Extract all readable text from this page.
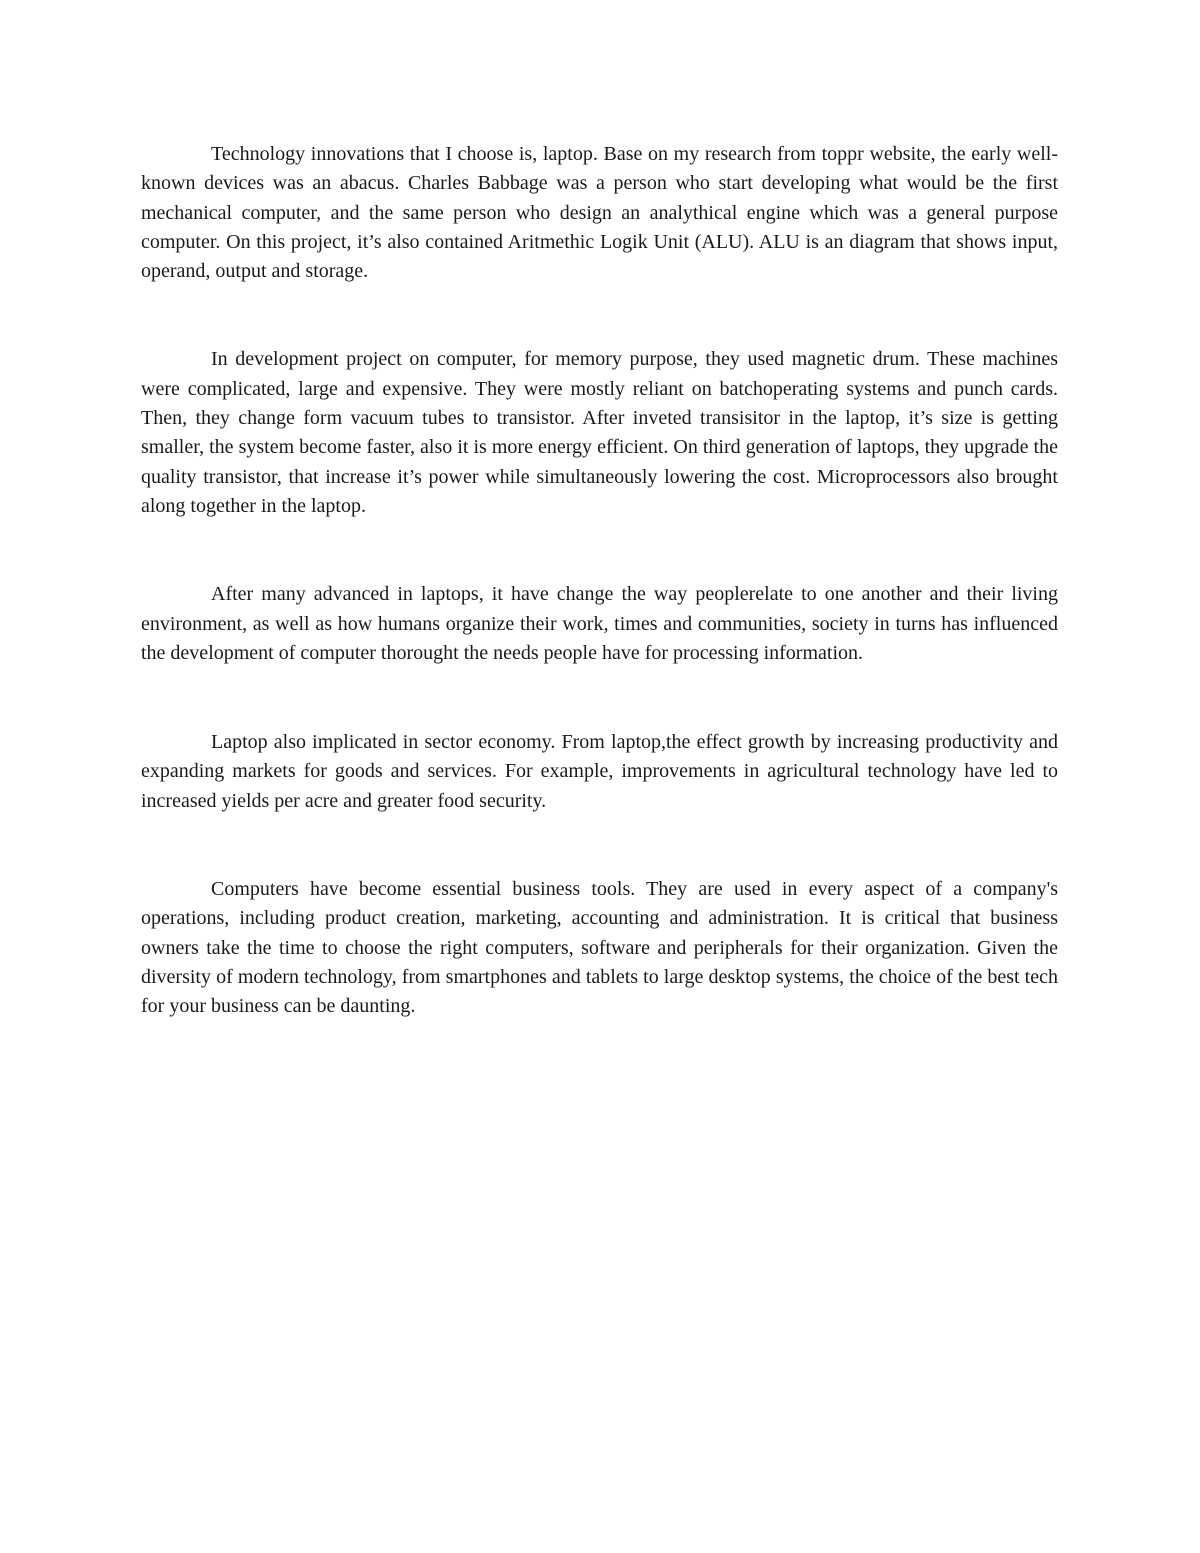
Technology innovations that I choose is, laptop. Base on my research from toppr website, the early well-known devices was an abacus. Charles Babbage was a person who start developing what would be the first mechanical computer, and the same person who design an analythical engine which was a general purpose computer. On this project, it’s also contained Aritmethic Logik Unit (ALU). ALU is an diagram that shows input, operand, output and storage.

In development project on computer, for memory purpose, they used magnetic drum. These machines were complicated, large and expensive. They were mostly reliant on batchoperating systems and punch cards. Then, they change form vacuum tubes to transistor. After inveted transisitor in the laptop, it’s size is getting smaller, the system become faster, also it is more energy efficient. On third generation of laptops, they upgrade the quality transistor, that increase it’s power while simultaneously lowering the cost. Microprocessors also brought along together in the laptop.

After many advanced in laptops, it have change the way peoplerelate to one another and their living environment, as well as how humans organize their work, times and communities, society in turns has influenced the development of computer thorought the needs people have for processing information.

Laptop also implicated in sector economy. From laptop,the effect growth by increasing productivity and expanding markets for goods and services. For example, improvements in agricultural technology have led to increased yields per acre and greater food security.

Computers have become essential business tools. They are used in every aspect of a company's operations, including product creation, marketing, accounting and administration. It is critical that business owners take the time to choose the right computers, software and peripherals for their organization. Given the diversity of modern technology, from smartphones and tablets to large desktop systems, the choice of the best tech for your business can be daunting.
